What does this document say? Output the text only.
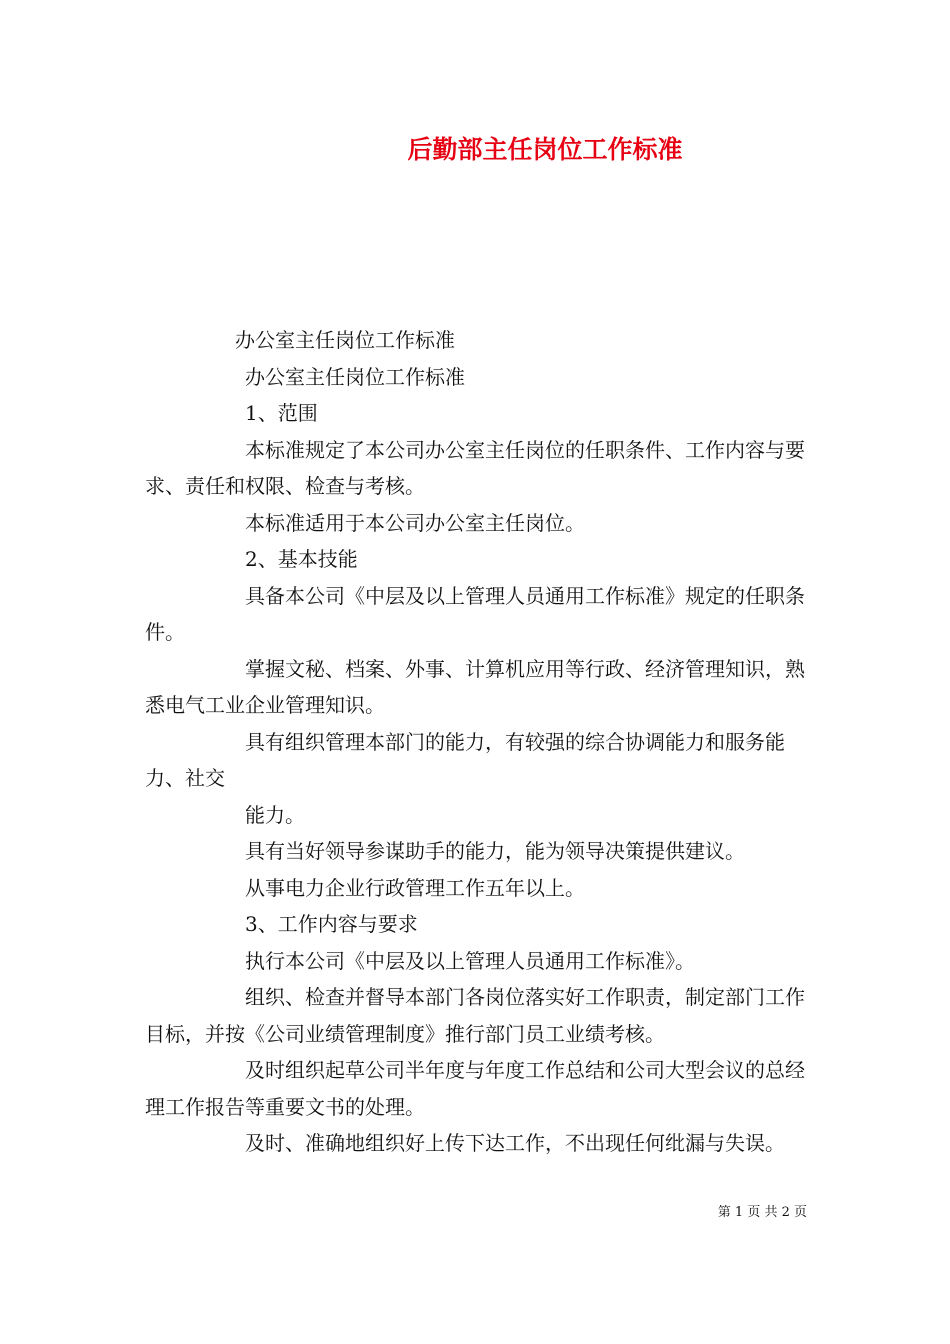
后勤部主任岗位工作标准

办公室主任岗位工作标准

办公室主任岗位工作标准

1、范围

本标准规定了本公司办公室主任岗位的任职条件、工作内容与要求、责任和权限、检查与考核。

本标准适用于本公司办公室主任岗位。

2、基本技能

具备本公司《中层及以上管理人员通用工作标准》规定的任职条件。

掌握文秘、档案、外事、计算机应用等行政、经济管理知识，熟悉电气工业企业管理知识。

具有组织管理本部门的能力，有较强的综合协调能力和服务能力、社交

能力。

具有当好领导参谋助手的能力，能为领导决策提供建议。

从事电力企业行政管理工作五年以上。

3、工作内容与要求

执行本公司《中层及以上管理人员通用工作标准》。

组织、检查并督导本部门各岗位落实好工作职责，制定部门工作目标，并按《公司业绩管理制度》推行部门员工业绩考核。

及时组织起草公司半年度与年度工作总结和公司大型会议的总经理工作报告等重要文书的处理。

及时、准确地组织好上传下达工作，不出现任何纰漏与失误。

第 1 页 共 2 页
